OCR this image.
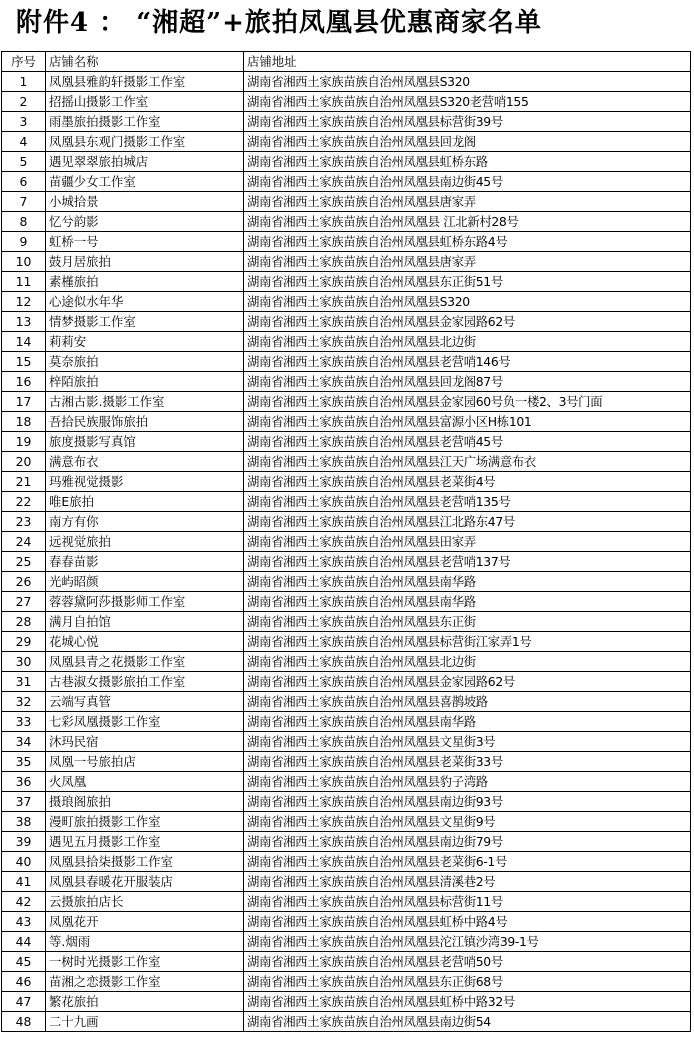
附件4 ： “湘超”+旅拍凤凰县优惠商家名单
序号	店铺名称	店铺地址
1	凤凰县雅韵轩摄影工作室	湖南省湘西土家族苗族自治州凤凰县S320
2	招摇山摄影工作室	湖南省湘西土家族苗族自治州凤凰县S320老营哨155
3	雨墨旅拍摄影工作室	湖南省湘西土家族苗族自治州凤凰县标营街39号
4	凤凰县东观门摄影工作室	湖南省湘西土家族苗族自治州凤凰县回龙阁
5	遇见翠翠旅拍城店	湖南省湘西土家族苗族自治州凤凰县虹桥东路
6	苗疆少女工作室	湖南省湘西土家族苗族自治州凤凰县南边街45号
7	小城拾景	湖南省湘西土家族苗族自治州凤凰县唐家弄
8	忆兮韵影	湖南省湘西土家族苗族自治州凤凰县 江北新村28号
9	虹桥一号	湖南省湘西土家族苗族自治州凤凰县虹桥东路4号
10	鼓月居旅拍	湖南省湘西土家族苗族自治州凤凰县唐家弄
11	素槿旅拍	湖南省湘西土家族苗族自治州凤凰县东正街51号
12	心途似水年华	湖南省湘西土家族苗族自治州凤凰县S320
13	情梦摄影工作室	湖南省湘西土家族苗族自治州凤凰县金家园路62号
14	莉莉安	湖南省湘西土家族苗族自治州凤凰县北边街
15	莫奈旅拍	湖南省湘西土家族苗族自治州凤凰县老营哨146号
16	梓陌旅拍	湖南省湘西土家族苗族自治州凤凰县回龙阁87号
17	古湘古影.摄影工作室	湖南省湘西土家族苗族自治州凤凰县金家园60号负一楼2、3号门面
18	吾拾民族服饰旅拍	湖南省湘西土家族苗族自治州凤凰县富源小区H栋101
19	旅度摄影写真馆	湖南省湘西土家族苗族自治州凤凰县老营哨45号
20	满意布衣	湖南省湘西土家族苗族自治州凤凰县江天广场满意布衣
21	玛雅视觉摄影	湖南省湘西土家族苗族自治州凤凰县老菜街4号
22	唯E旅拍	湖南省湘西土家族苗族自治州凤凰县老营哨135号
23	南方有你	湖南省湘西土家族苗族自治州凤凰县江北路东47号
24	远视觉旅拍	湖南省湘西土家族苗族自治州凤凰县田家弄
25	春春苗影	湖南省湘西土家族苗族自治州凤凰县老营哨137号
26	光屿昭颜	湖南省湘西土家族苗族自治州凤凰县南华路
27	蓉蓉黛阿莎摄影师工作室	湖南省湘西土家族苗族自治州凤凰县南华路
28	满月自拍馆	湖南省湘西土家族苗族自治州凤凰县东正街
29	花城心悦	湖南省湘西土家族苗族自治州凤凰县标营街江家弄1号
30	凤凰县青之花摄影工作室	湖南省湘西土家族苗族自治州凤凰县北边街
31	古巷淑女摄影旅拍工作室	湖南省湘西土家族苗族自治州凤凰县金家园路62号
32	云端写真管	湖南省湘西土家族苗族自治州凤凰县喜鹊坡路
33	七彩凤凰摄影工作室	湖南省湘西土家族苗族自治州凤凰县南华路
34	沐玛民宿	湖南省湘西土家族苗族自治州凤凰县文星街3号
35	凤凰一号旅拍店	湖南省湘西土家族苗族自治州凤凰县老菜街33号
36	火凤凰	湖南省湘西土家族苗族自治州凤凰县豹子湾路
37	摄琅阁旅拍	湖南省湘西土家族苗族自治州凤凰县南边街93号
38	漫町旅拍摄影工作室	湖南省湘西土家族苗族自治州凤凰县文星街9号
39	遇见五月摄影工作室	湖南省湘西土家族苗族自治州凤凰县南边街79号
40	凤凰县拾柒摄影工作室	湖南省湘西土家族苗族自治州凤凰县老菜街6-1号
41	凤凰县春暖花开服装店	湖南省湘西土家族苗族自治州凤凰县清溪巷2号
42	云摄旅拍店长	湖南省湘西土家族苗族自治州凤凰县标营街11号
43	凤凰花开	湖南省湘西土家族苗族自治州凤凰县虹桥中路4号
44	等.烟雨	湖南省湘西土家族苗族自治州凤凰县沱江镇沙湾39-1号
45	一树时光摄影工作室	湖南省湘西土家族苗族自治州凤凰县老营哨50号
46	苗湘之恋摄影工作室	湖南省湘西土家族苗族自治州凤凰县东正街68号
47	繁花旅拍	湖南省湘西土家族苗族自治州凤凰县虹桥中路32号
48	二十九画	湖南省湘西土家族苗族自治州凤凰县南边街54
